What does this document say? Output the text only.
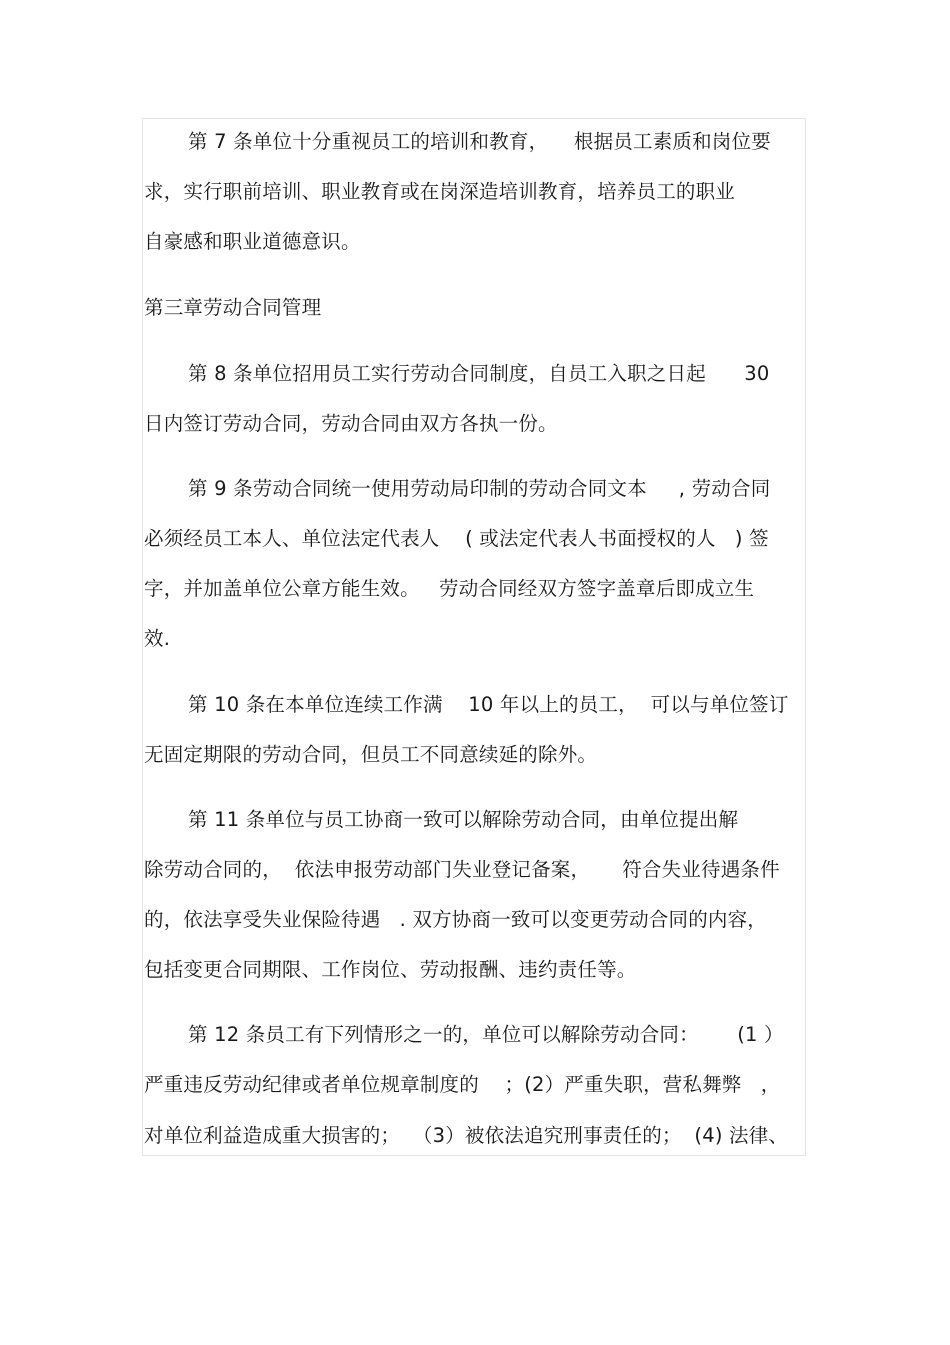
第 7 条单位十分重视员工的培训和教育，    根据员工素质和岗位要
求，实行职前培训、职业教育或在岗深造培训教育，培养员工的职业
自豪感和职业道德意识。
第三章劳动合同管理
第 8 条单位招用员工实行劳动合同制度，自员工入职之日起      30
日内签订劳动合同，劳动合同由双方各执一份。
第 9 条劳动合同统一使用劳动局印制的劳动合同文本     , 劳动合同
必须经员工本人、单位法定代表人    ( 或法定代表人书面授权的人   ) 签
字，并加盖单位公章方能生效。   劳动合同经双方签字盖章后即成立生
效.
第 10 条在本单位连续工作满    10 年以上的员工，  可以与单位签订
无固定期限的劳动合同，但员工不同意续延的除外。
第 11 条单位与员工协商一致可以解除劳动合同，由单位提出解
除劳动合同的，  依法申报劳动部门失业登记备案，     符合失业待遇条件
的，依法享受失业保险待遇   . 双方协商一致可以变更劳动合同的内容，
包括变更合同期限、工作岗位、劳动报酬、违约责任等。
第 12 条员工有下列情形之一的，单位可以解除劳动合同：      (1 ）
严重违反劳动纪律或者单位规章制度的    ；(2）严重失职，营私舞弊   ，
对单位利益造成重大损害的；  （3）被依法追究刑事责任的；  (4) 法律、
